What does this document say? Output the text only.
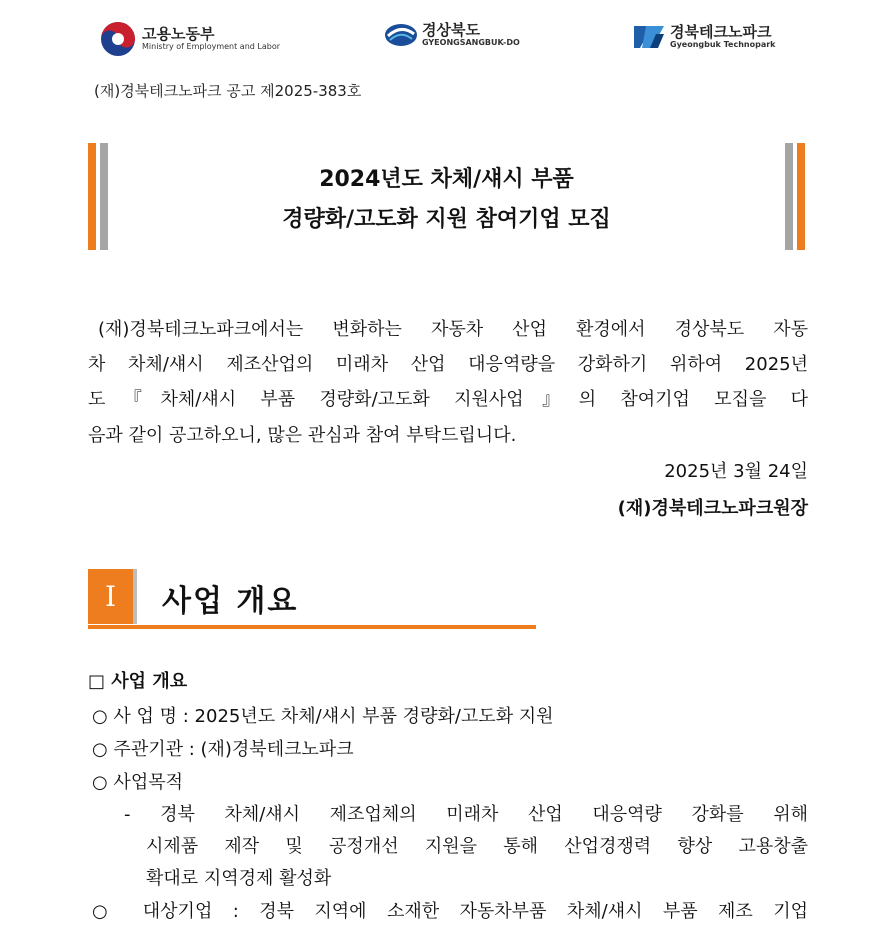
고용노동부
Ministry of Employment and Labor
경상북도
GYEONGSANGBUK-DO
경북테크노파크
Gyeongbuk Technopark
(재)경북테크노파크 공고 제2025-383호
2024년도 차체/섀시 부품
경량화/고도화 지원 참여기업 모집
(재)경북테크노파크에서는 변화하는 자동차 산업 환경에서 경상북도 자동
차 차체/섀시 제조산업의 미래차 산업 대응역량을 강화하기 위하여 2025년
도『차체/섀시 부품 경량화/고도화 지원사업』의 참여기업 모집을 다
음과 같이 공고하오니, 많은 관심과 참여 부탁드립니다.
2025년 3월 24일
(재)경북테크노파크원장
Ⅰ	사업 개요
□ 사업 개요
○ 사 업 명 : 2025년도 차체/섀시 부품 경량화/고도화 지원
○ 주관기관 : (재)경북테크노파크
○ 사업목적
- 경북 차체/섀시 제조업체의 미래차 산업 대응역량 강화를 위해
시제품 제작 및 공정개선 지원을 통해 산업경쟁력 향상 고용창출
확대로 지역경제 활성화
○ 대상기업 : 경북 지역에 소재한 자동차부품 차체/섀시 부품 제조 기업
